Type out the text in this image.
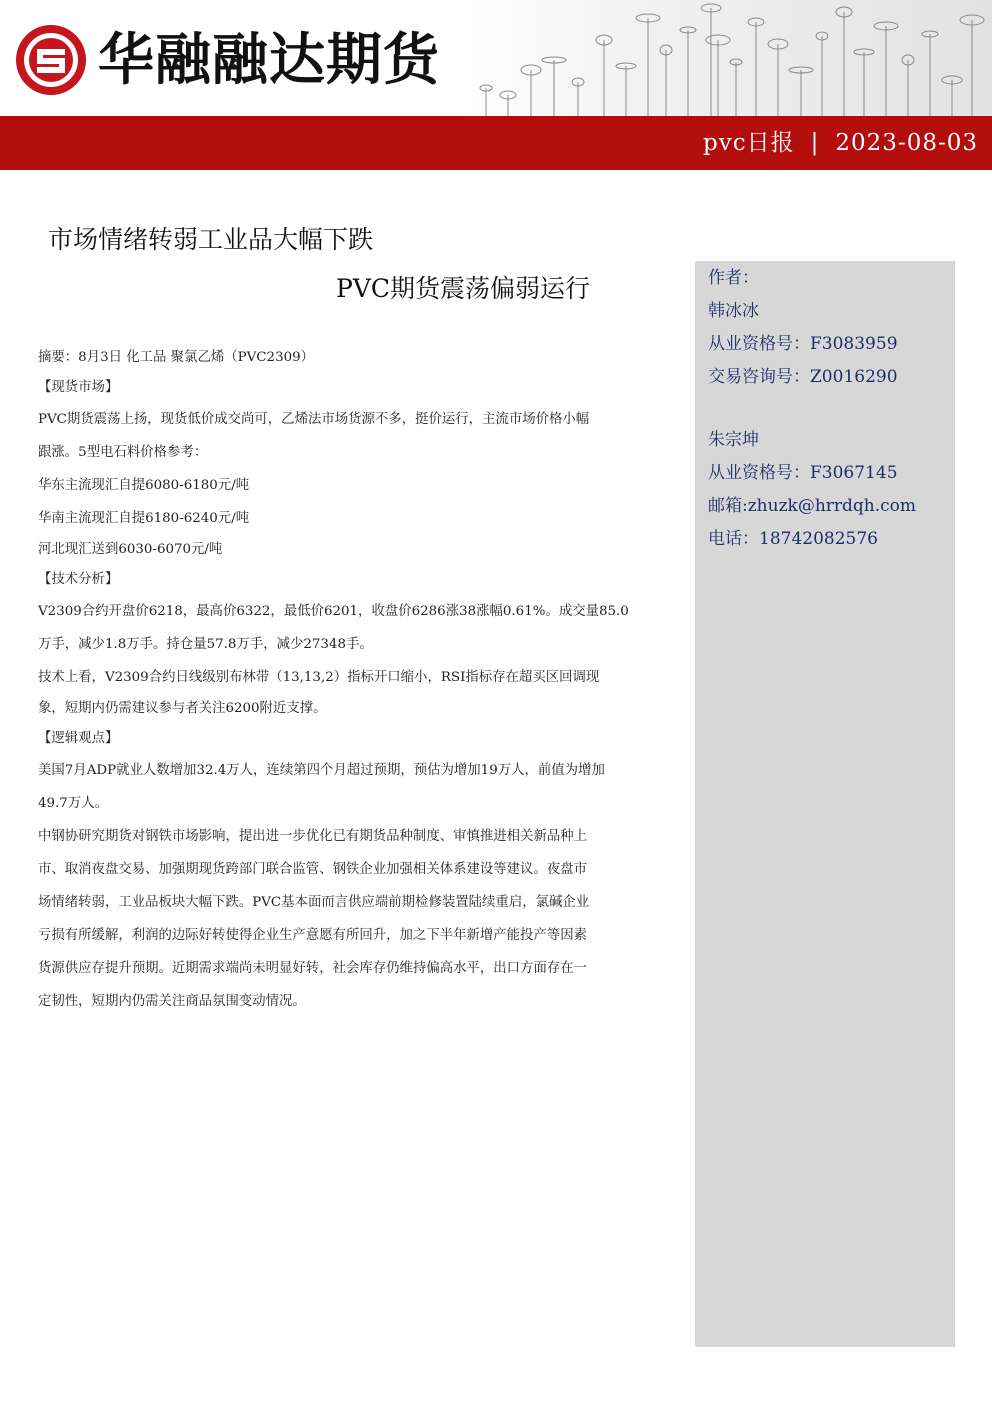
华融融达期货
pvc日报 | 2023-08-03
市场情绪转弱工业品大幅下跌
PVC期货震荡偏弱运行	作者：
韩冰冰
从业资格号：F3083959
交易咨询号：Z0016290
朱宗坤
从业资格号：F3067145
邮箱:zhuzk@hrrdqh.com
电话：18742082576

摘要：8月3日 化工品 聚氯乙烯（PVC2309）

【现货市场】

PVC期货震荡上扬，现货低价成交尚可，乙烯法市场货源不多，挺价运行，主流市场价格小幅

跟涨。5型电石料价格参考：

华东主流现汇自提6080-6180元/吨

华南主流现汇自提6180-6240元/吨

河北现汇送到6030-6070元/吨

【技术分析】

V2309合约开盘价6218，最高价6322，最低价6201，收盘价6286涨38涨幅0.61%。成交量85.0

万手，减少1.8万手。持仓量57.8万手，减少27348手。

技术上看，V2309合约日线级别布林带（13,13,2）指标开口缩小，RSI指标存在超买区回调现

象，短期内仍需建议参与者关注6200附近支撑。

【逻辑观点】

美国7月ADP就业人数增加32.4万人，连续第四个月超过预期，预估为增加19万人，前值为增加

49.7万人。

中钢协研究期货对钢铁市场影响，提出进一步优化已有期货品种制度、审慎推进相关新品种上

市、取消夜盘交易、加强期现货跨部门联合监管、钢铁企业加强相关体系建设等建议。夜盘市

场情绪转弱，工业品板块大幅下跌。PVC基本面而言供应端前期检修装置陆续重启，氯碱企业

亏损有所缓解，利润的边际好转使得企业生产意愿有所回升，加之下半年新增产能投产等因素

货源供应存提升预期。近期需求端尚未明显好转，社会库存仍维持偏高水平，出口方面存在一

定韧性，短期内仍需关注商品氛围变动情况。
